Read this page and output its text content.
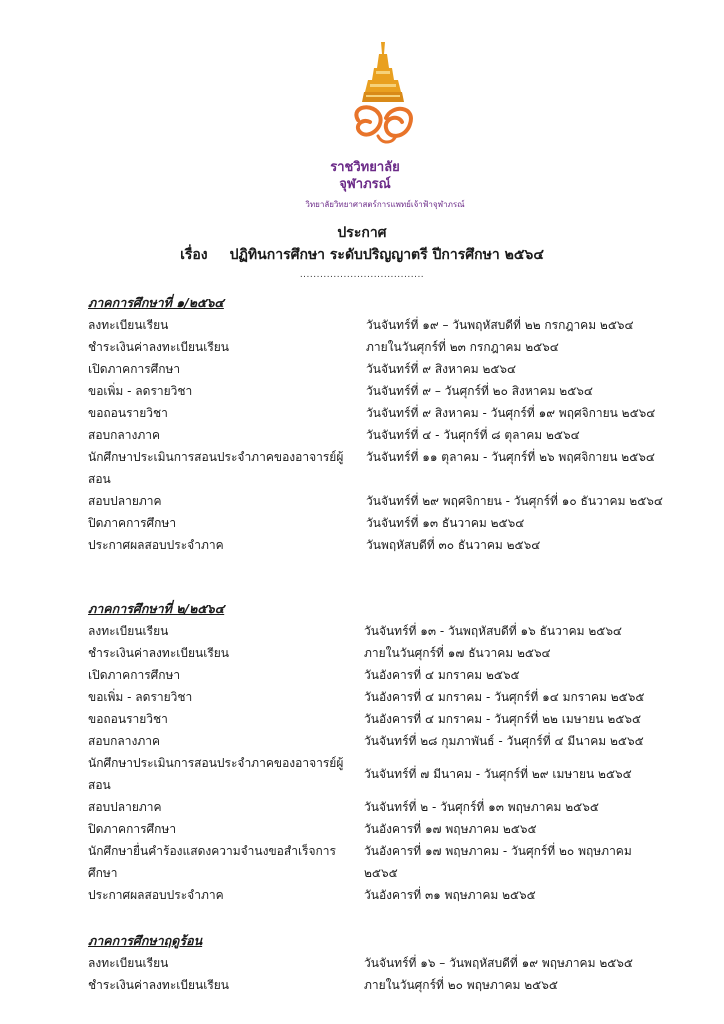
ราชวิทยาลัย
จุฬาภรณ์
วิทยาลัยวิทยาศาสตร์การแพทย์เจ้าฟ้าจุฬาภรณ์
ประกาศ
เรื่อง ปฏิทินการศึกษา ระดับปริญญาตรี ปีการศึกษา ๒๕๖๔
.....................................
ภาคการศึกษาที่ ๑/๒๕๖๔
ลงทะเบียนเรียน	วันจันทร์ที่ ๑๙ – วันพฤหัสบดีที่ ๒๒ กรกฎาคม ๒๕๖๔
ชำระเงินค่าลงทะเบียนเรียน	ภายในวันศุกร์ที่ ๒๓ กรกฎาคม ๒๕๖๔
เปิดภาคการศึกษา	วันจันทร์ที่ ๙ สิงหาคม ๒๕๖๔
ขอเพิ่ม - ลดรายวิชา	วันจันทร์ที่ ๙ – วันศุกร์ที่ ๒๐ สิงหาคม ๒๕๖๔
ขอถอนรายวิชา	วันจันทร์ที่ ๙ สิงหาคม - วันศุกร์ที่ ๑๙ พฤศจิกายน ๒๕๖๔
สอบกลางภาค	วันจันทร์ที่ ๔ - วันศุกร์ที่ ๘ ตุลาคม ๒๕๖๔
นักศึกษาประเมินการสอนประจำภาคของอาจารย์ผู้สอน
วันจันทร์ที่ ๑๑ ตุลาคม - วันศุกร์ที่ ๒๖ พฤศจิกายน ๒๕๖๔
สอบปลายภาค	วันจันทร์ที่ ๒๙ พฤศจิกายน - วันศุกร์ที่ ๑๐ ธันวาคม ๒๕๖๔
ปิดภาคการศึกษา	วันจันทร์ที่ ๑๓ ธันวาคม ๒๕๖๔
ประกาศผลสอบประจำภาค	วันพฤหัสบดีที่ ๓๐ ธันวาคม ๒๕๖๔
ภาคการศึกษาที่ ๒/๒๕๖๔
ลงทะเบียนเรียน	วันจันทร์ที่ ๑๓ - วันพฤหัสบดีที่ ๑๖ ธันวาคม ๒๕๖๔
ชำระเงินค่าลงทะเบียนเรียน	ภายในวันศุกร์ที่ ๑๗ ธันวาคม ๒๕๖๔
เปิดภาคการศึกษา	วันอังคารที่ ๔ มกราคม ๒๕๖๕
ขอเพิ่ม - ลดรายวิชา	วันอังคารที่ ๔ มกราคม - วันศุกร์ที่ ๑๔ มกราคม ๒๕๖๕
ขอถอนรายวิชา	วันอังคารที่ ๔ มกราคม - วันศุกร์ที่ ๒๒ เมษายน ๒๕๖๕
สอบกลางภาค	วันจันทร์ที่ ๒๘ กุมภาพันธ์ - วันศุกร์ที่ ๔ มีนาคม ๒๕๖๕
นักศึกษาประเมินการสอนประจำภาคของอาจารย์ผู้สอน
วันจันทร์ที่ ๗ มีนาคม - วันศุกร์ที่ ๒๙ เมษายน ๒๕๖๕
สอบปลายภาค	วันจันทร์ที่ ๒ - วันศุกร์ที่ ๑๓ พฤษภาคม ๒๕๖๕
ปิดภาคการศึกษา	วันอังคารที่ ๑๗ พฤษภาคม ๒๕๖๕
นักศึกษายื่นคำร้องแสดงความจำนงขอสำเร็จการศึกษา
วันอังคารที่ ๑๗ พฤษภาคม - วันศุกร์ที่ ๒๐ พฤษภาคม ๒๕๖๕
ประกาศผลสอบประจำภาค	วันอังคารที่ ๓๑ พฤษภาคม ๒๕๖๕
ภาคการศึกษาฤดูร้อน
ลงทะเบียนเรียน	วันจันทร์ที่ ๑๖ – วันพฤหัสบดีที่ ๑๙ พฤษภาคม ๒๕๖๕
ชำระเงินค่าลงทะเบียนเรียน	ภายในวันศุกร์ที่ ๒๐ พฤษภาคม ๒๕๖๕
